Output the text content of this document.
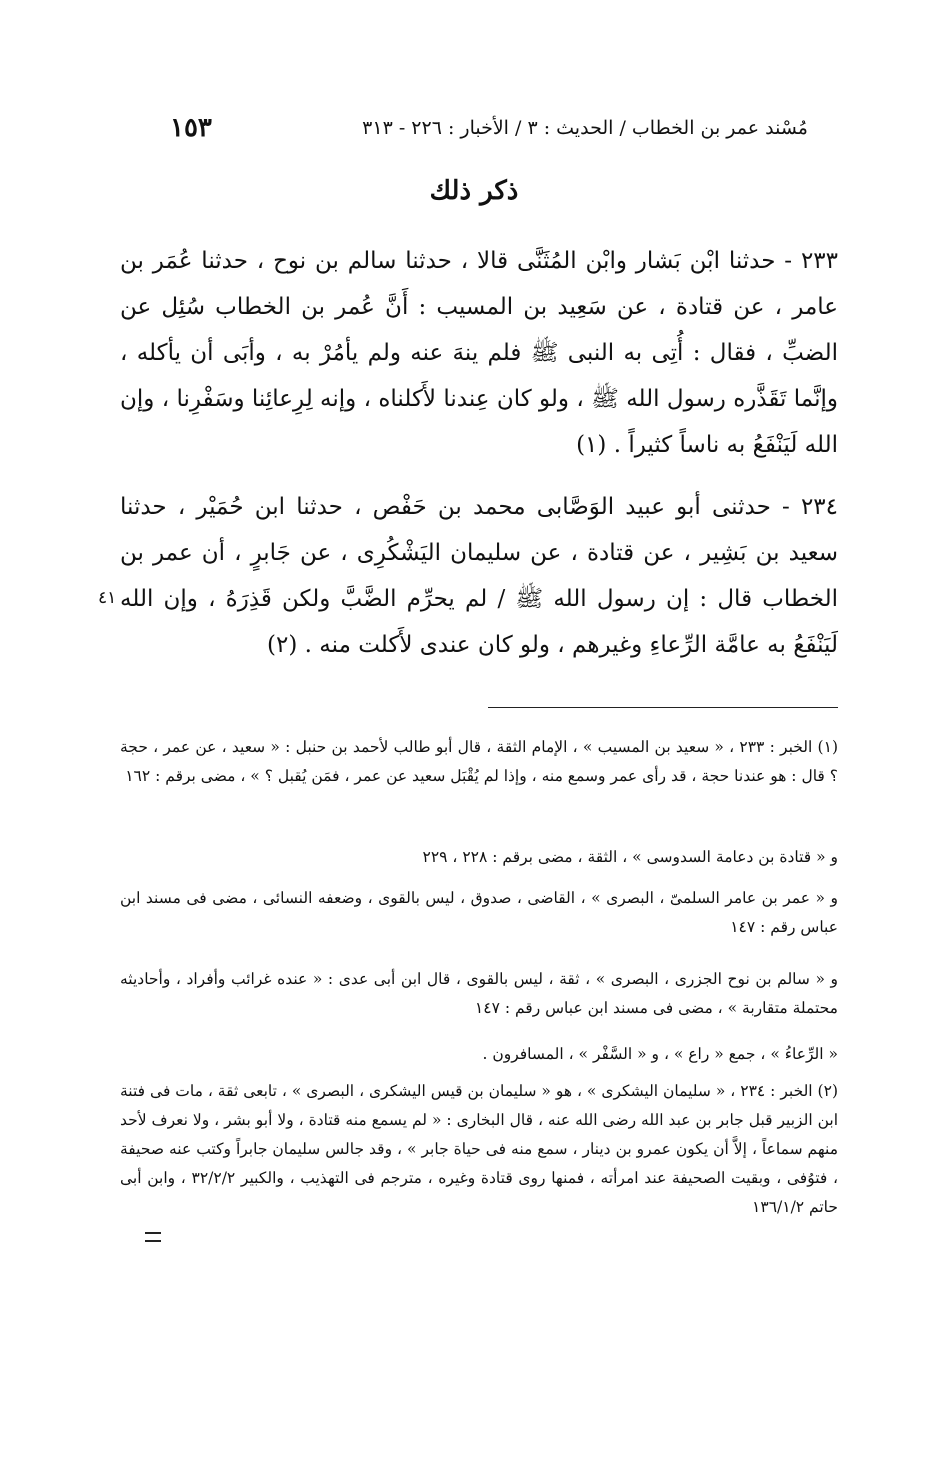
مُسْند عمر بن الخطاب / الحديث : ٣ / الأخبار : ٢٢٦ - ٣١٣
١٥٣
ذكر ذلك

٢٣٣ - حدثنا ابْن بَشار وابْن المُثَنَّى قالا ، حدثنا سالم بن نوح ، حدثنا عُمَر بن عامر ، عن قتادة ، عن سَعِيد بن المسيب : أَنَّ عُمر بن الخطاب سُئِل عن الضبِّ ، فقال : أُتِى به النبى ﷺ فلم ينهَ عنه ولم يأمُرْ به ، وأبَى أن يأكله ، وإنَّما تَقَذَّره رسول الله ﷺ ، ولو كان عِندنا لأَكلناه ، وإنه لِرِعائِنا وسَفْرِنا ، وإن الله لَيَنْفَعُ به ناساً كثيراً . (١)

٢٣٤ - حدثنى أبو عبيد الوَصَّابى محمد بن حَفْص ، حدثنا ابن حُمَيْر ، حدثنا سعيد بن بَشِير ، عن قتادة ، عن سليمان اليَشْكُرِى ، عن جَابرٍ ، أن عمر بن الخطاب قال : إن رسول الله ﷺ / لم يحرِّم الضَّبَّ ولكن قَذِرَهُ ، وإن الله لَيَنْفَعُ به عامَّة الرِّعاءِ وغيرهم ، ولو كان عندى لأَكلت منه . (٢)

٤١

(١) الخبر : ٢٣٣ ، « سعيد بن المسيب » ، الإمام الثقة ، قال أبو طالب لأحمد بن حنبل : « سعيد ، عن عمر ، حجة ؟ قال : هو عندنا حجة ، قد رأى عمر وسمع منه ، وإذا لم يُقْبَل سعيد عن عمر ، فمَن يُقبل ؟ » ، مضى برقم : ١٦٢

و « قتادة بن دعامة السدوسى » ، الثقة ، مضى برقم : ٢٢٨ ، ٢٢٩

و « عمر بن عامر السلمىّ ، البصرى » ، القاضى ، صدوق ، ليس بالقوى ، وضعفه النسائى ، مضى فى مسند ابن عباس رقم : ١٤٧

و « سالم بن نوح الجزرى ، البصرى » ، ثقة ، ليس بالقوى ، قال ابن أبى عدى : « عنده غرائب وأفراد ، وأحاديثه محتملة متقاربة » ، مضى فى مسند ابن عباس رقم : ١٤٧

« الرِّعاءُ » ، جمع « راع » ، و « السَّفْر » ، المسافرون .

(٢) الخبر : ٢٣٤ ، « سليمان اليشكرى » ، هو « سليمان بن قيس اليشكرى ، البصرى » ، تابعى ثقة ، مات فى فتنة ابن الزبير قبل جابر بن عبد الله رضى الله عنه ، قال البخارى : « لم يسمع منه قتادة ، ولا أبو بشر ، ولا نعرف لأحد منهم سماعاً ، إلاَّ أن يكون عمرو بن دينار ، سمع منه فى حياة جابر » ، وقد جالس سليمان جابراً وكتب عنه صحيفة ، فتوُفى ، وبقيت الصحيفة عند امرأته ، فمنها روى قتادة وغيره ، مترجم فى التهذيب ، والكبير ٣٢/٢/٢ ، وابن أبى حاتم ١٣٦/١/٢
